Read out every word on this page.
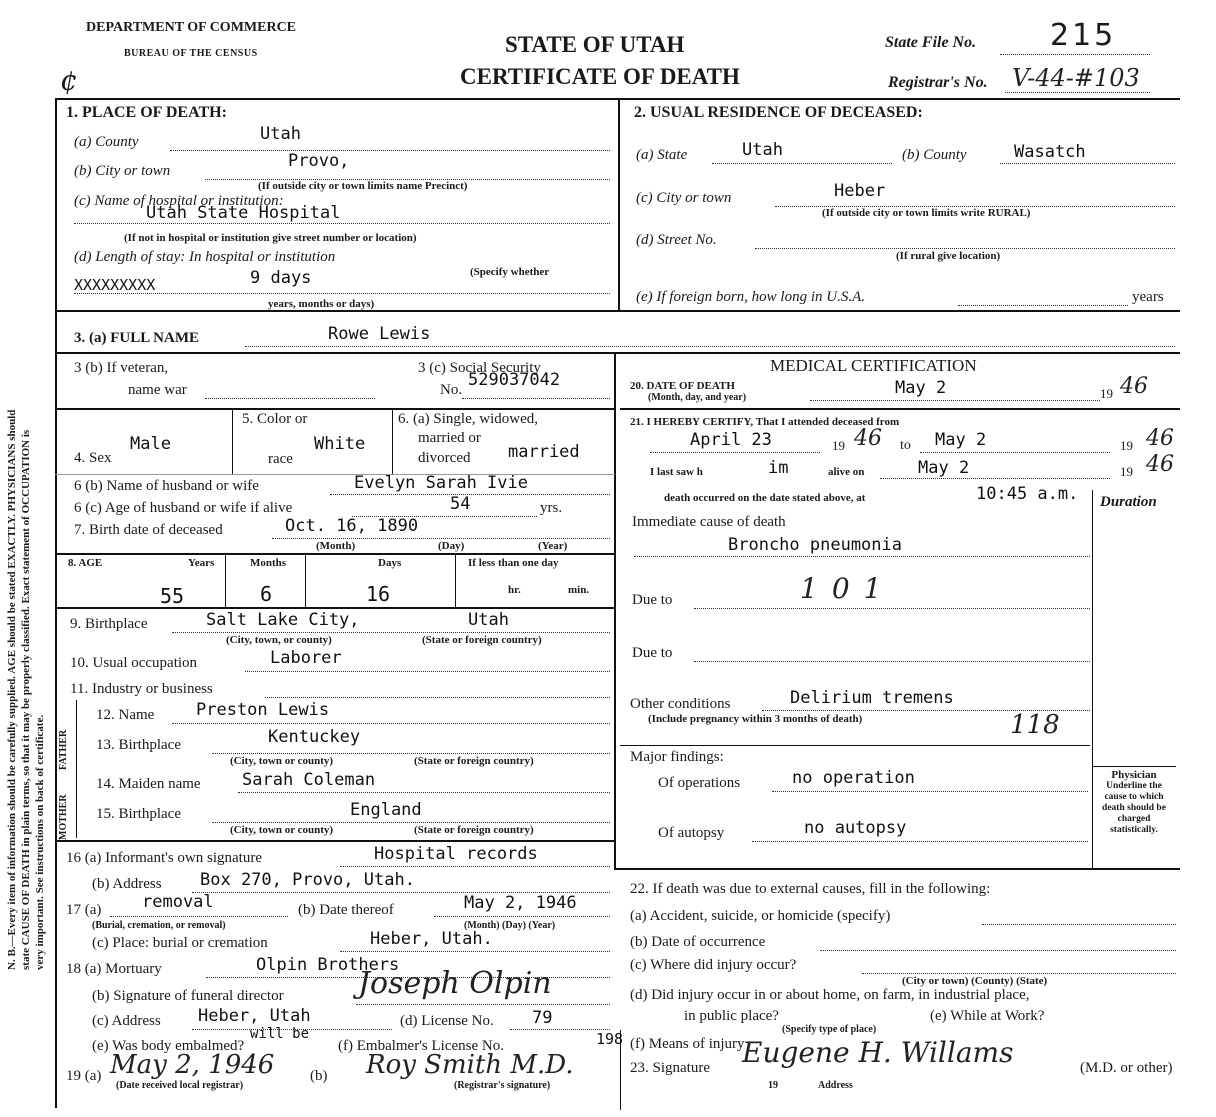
DEPARTMENT OF COMMERCE
BUREAU OF THE CENSUS	STATE OF UTAH
CERTIFICATE OF DEATH
State File No. 215
Registrar's No. V-44-#103
¢
N. B.—Every item of information should be carefully supplied. AGE should be stated EXACTLY. PHYSICIANS should state CAUSE OF DEATH in plain terms, so that it may be properly classified. Exact statement of OCCUPATION is very important. See instructions on back of certificate.
1. PLACE OF DEATH:
(a) County	Utah
(b) City or town	Provo,
(If outside city or town limits name Precinct)
(c) Name of hospital or institution:
Utah State Hospital
(If not in hospital or institution give street number or location)
(d) Length of stay: In hospital or institution
9 days	(Specify whether
XXXXXXXXX
years, months or days)
2. USUAL RESIDENCE OF DECEASED:
(a) State	Utah	(b) County	Wasatch
(c) City or town	Heber
(If outside city or town limits write RURAL)
(d) Street No.
(If rural give location)
(e) If foreign born, how long in U.S.A.	years
3. (a) FULL NAME	Rowe Lewis
3 (b) If veteran,
name war
3 (c) Social Security
No. 529037042
4. Sex
Male
5. Color or
race
White
6. (a) Single, widowed,
married or
divorced married
6 (b) Name of husband or wife	Evelyn Sarah Ivie
6 (c) Age of husband or wife if alive	54	yrs.
7. Birth date of deceased	Oct. 16, 1890
(Month)	(Day)	(Year)
8. AGE	Years	Months	Days	If less than one day
hr.	min.
55	6	16
9. Birthplace	Salt Lake City,	Utah
(City, town, or county)	(State or foreign country)
10. Usual occupation	Laborer
11. Industry or business
FATHER
MOTHER
12. Name Preston Lewis
13. Birthplace	Kentuckey
(City, town or county)	(State or foreign country)
14. Maiden name Sarah Coleman
15. Birthplace	England
(City, town or county)	(State or foreign country)
16 (a) Informant's own signature	Hospital records
(b) Address Box 270, Provo, Utah.
17 (a) removal
(Burial, cremation, or removal)
(b) Date thereof	May 2, 1946
(Month) (Day) (Year)
(c) Place: burial or cremation	Heber, Utah.
18 (a) Mortuary	Olpin Brothers
(b) Signature of funeral director Joseph Olpin
(c) Address Heber, Utah	(d) License No. 79
(e) Was body embalmed?
will be
(f) Embalmer's License No.	198
19 (a) May 2, 1946
(Date received local registrar)
(b) Roy Smith M.D.
(Registrar's signature)
MEDICAL CERTIFICATION
20. DATE OF DEATH
(Month, day, and year)	May 2	19 46
21. I HEREBY CERTIFY, That I attended deceased from
April 23	19 46 to May 2	19 46
I last saw h	im	alive on	May 2	19 46
death occurred on the date stated above, at	10:45 a.m. Duration
Immediate cause of death
Broncho pneumonia
Due to	101
Due to
Other conditions	Delirium tremens
118
(Include pregnancy within 3 months of death)
Major findings:
Of operations	no operation
Of autopsy	no autopsy
Physician
Underline the cause to which death should be charged statistically.
22. If death was due to external causes, fill in the following:
(a) Accident, suicide, or homicide (specify)
(b) Date of occurrence
(c) Where did injury occur?
(City or town) (County) (State)
(d) Did injury occur in or about home, on farm, in industrial place,
in public place?	(e) While at Work?
(Specify type of place)
(f) Means of injury
23. Signature Eugene H. Willams	(M.D. or other)
19	Address
